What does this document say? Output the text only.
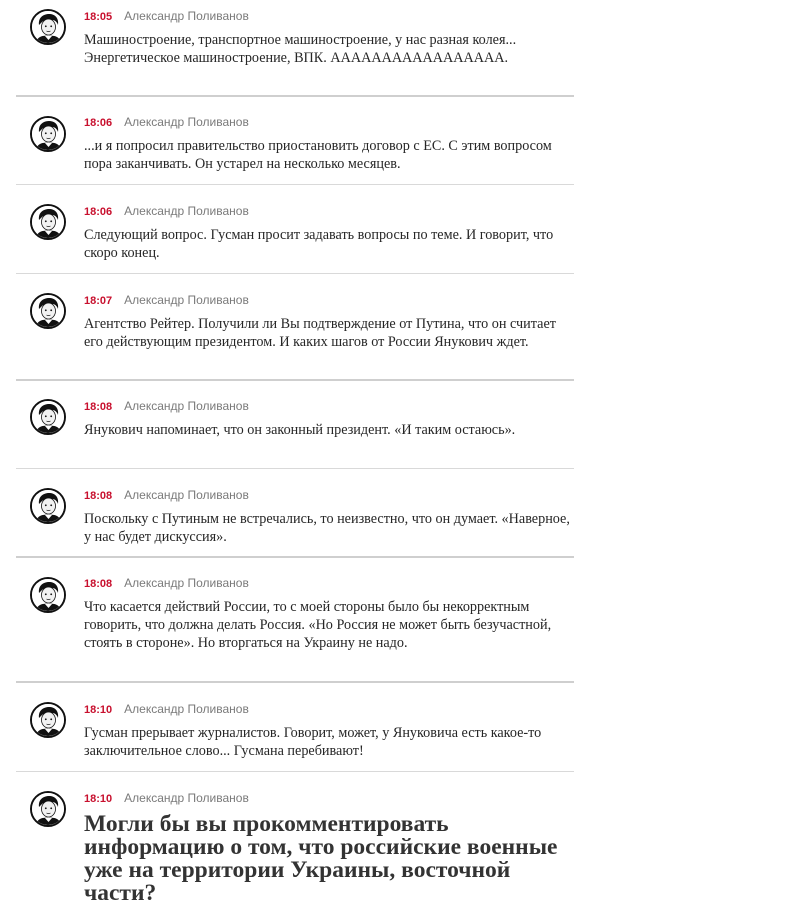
18:05 Александр Поливанов
Машиностроение, транспортное машиностроение, у нас разная колея... Энергетическое машиностроение, ВПК. ААААААААААААААААА.
18:06 Александр Поливанов
...и я попросил правительство приостановить договор с ЕС. С этим вопросом пора заканчивать. Он устарел на несколько месяцев.
18:06 Александр Поливанов
Следующий вопрос. Гусман просит задавать вопросы по теме. И говорит, что скоро конец.
18:07 Александр Поливанов
Агентство Рейтер. Получили ли Вы подтверждение от Путина, что он считает его действующим президентом. И каких шагов от России Янукович ждет.
18:08 Александр Поливанов
Янукович напоминает, что он законный президент. «И таким остаюсь».
18:08 Александр Поливанов
Поскольку с Путиным не встречались, то неизвестно, что он думает. «Наверное, у нас будет дискуссия».
18:08 Александр Поливанов
Что касается действий России, то с моей стороны было бы некорректным говорить, что должна делать Россия. «Но Россия не может быть безучастной, стоять в стороне». Но вторгаться на Украину не надо.
18:10 Александр Поливанов
Гусман прерывает журналистов. Говорит, может, у Януковича есть какое-то заключительное слово... Гусмана перебивают!
18:10 Александр Поливанов
Могли бы вы прокомментировать информацию о том, что российские военные уже на территории Украины, восточной части?
